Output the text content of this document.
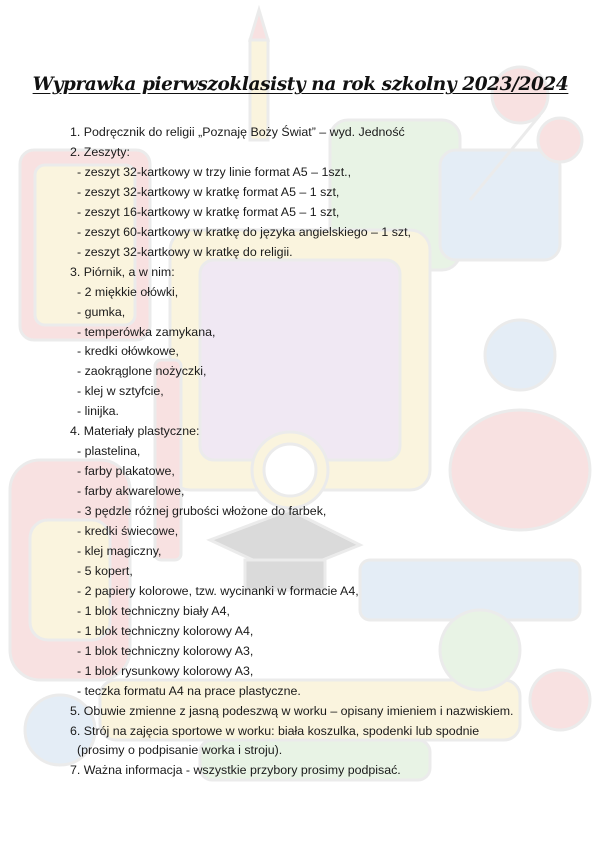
Wyprawka pierwszoklasisty na rok szkolny 2023/2024
1. Podręcznik do religii „Poznaję Boży Świat” – wyd. Jedność
2. Zeszyty:
- zeszyt 32-kartkowy w trzy linie format A5 – 1szt.,
- zeszyt 32-kartkowy w kratkę format A5 – 1 szt,
- zeszyt 16-kartkowy w kratkę format A5 – 1 szt,
- zeszyt 60-kartkowy w kratkę do języka angielskiego – 1 szt,
- zeszyt 32-kartkowy w kratkę do religii.
3. Piórnik, a w nim:
- 2 miękkie ołówki,
- gumka,
- temperówka zamykana,
- kredki ołówkowe,
- zaokrąglone nożyczki,
- klej w sztyfcie,
- linijka.
4. Materiały plastyczne:
- plastelina,
- farby plakatowe,
- farby akwarelowe,
- 3 pędzle różnej grubości włożone do farbek,
- kredki świecowe,
- klej magiczny,
- 5 kopert,
- 2 papiery kolorowe, tzw. wycinanki w formacie A4,
- 1 blok techniczny biały A4,
- 1 blok techniczny kolorowy A4,
- 1 blok techniczny kolorowy A3,
- 1 blok rysunkowy kolorowy A3,
- teczka formatu A4 na prace plastyczne.
5. Obuwie zmienne z jasną podeszwą w worku – opisany imieniem i nazwiskiem.
6. Strój na zajęcia sportowe w worku: biała koszulka, spodenki lub spodnie
(prosimy o podpisanie worka i stroju).
7. Ważna informacja - wszystkie przybory prosimy podpisać.
